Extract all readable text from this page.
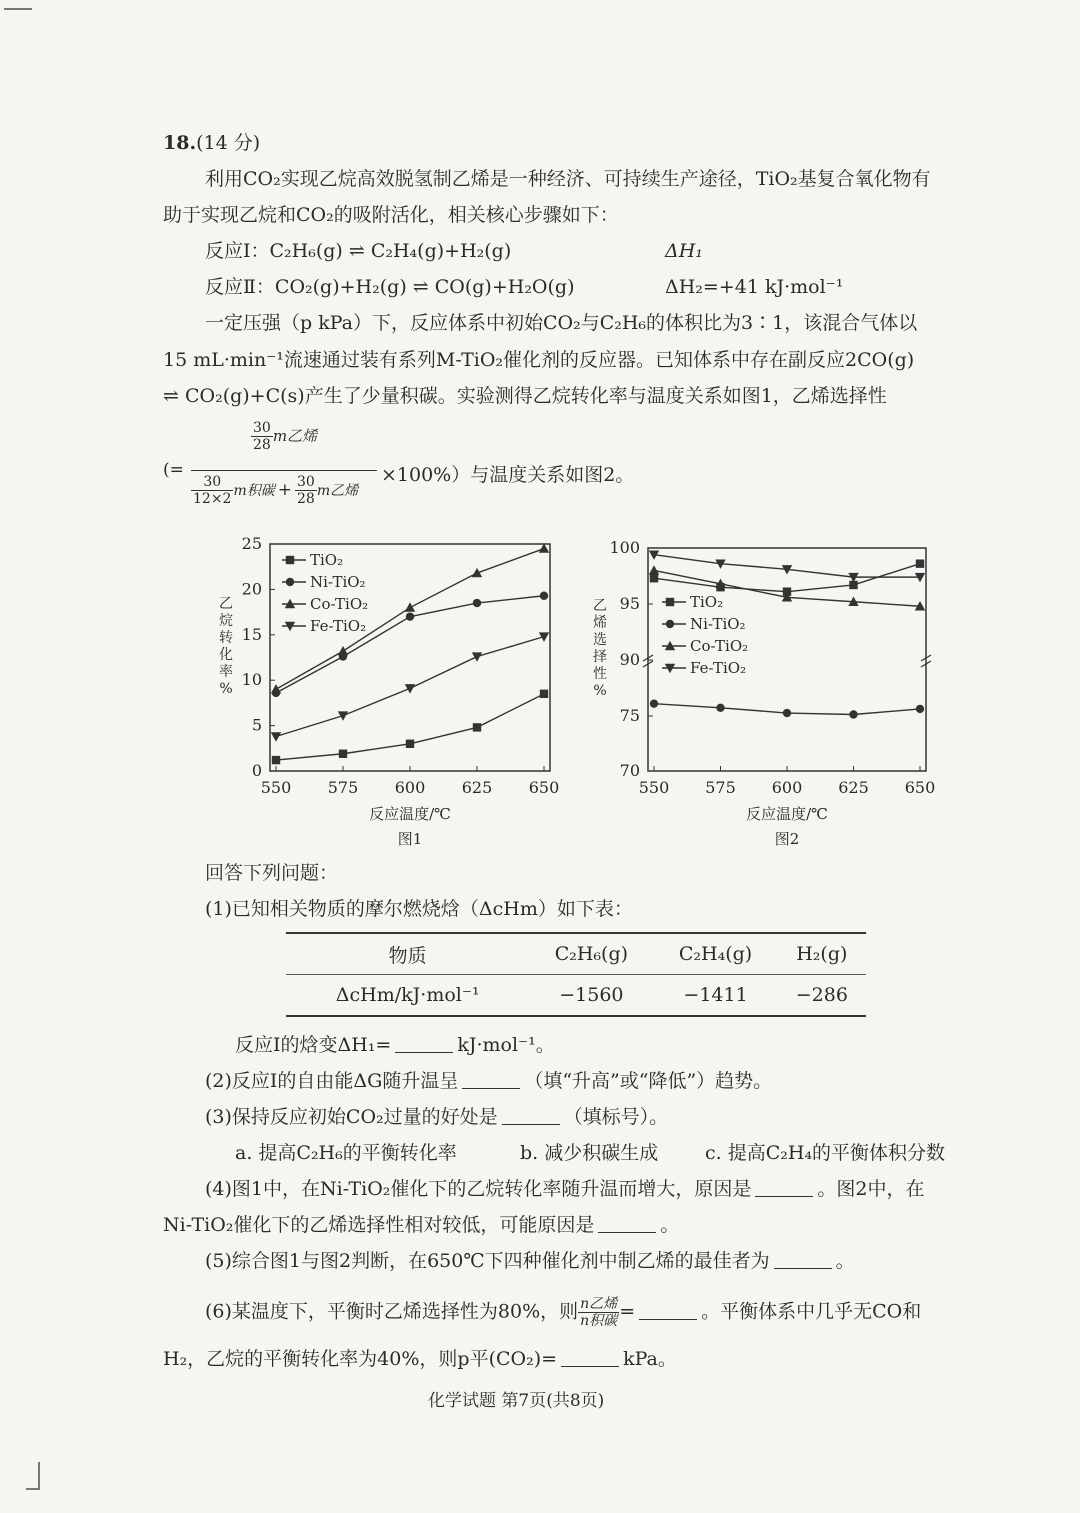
18.(14 分)
利用CO₂实现乙烷高效脱氢制乙烯是一种经济、可持续生产途径，TiO₂基复合氧化物有
助于实现乙烷和CO₂的吸附活化，相关核心步骤如下：
反应Ⅰ：C₂H₆(g) ⇌ C₂H₄(g)+H₂(g)	ΔH₁
反应Ⅱ：CO₂(g)+H₂(g) ⇌ CO(g)+H₂O(g)	ΔH₂=+41 kJ·mol⁻¹
一定压强（p kPa）下，反应体系中初始CO₂与C₂H₆的体积比为3∶1，该混合气体以
15 mL·min⁻¹流速通过装有系列M-TiO₂催化剂的反应器。已知体系中存在副反应2CO(g)
⇌ CO₂(g)+C(s)产生了少量积碳。实验测得乙烷转化率与温度关系如图1，乙烯选择性
(=
$\frac{30}{28}$ m乙烯
$\frac{30}{12\times 2}$ m积碳 + $\frac{30}{28}$ m乙烯
×100%）与温度关系如图2。
550 575 600 625 650
0
5
10
15
20
25
TiO₂
Ni-TiO₂
Co-TiO₂
Fe-TiO₂
乙
烷
转
化
率
%
反应温度/℃
图1
550 575 600 625 650
70
75
90
95
100
TiO₂
Ni-TiO₂
Co-TiO₂
Fe-TiO₂
乙
烯
选
择
性
%
反应温度/℃
图2
回答下列问题：
(1)已知相关物质的摩尔燃烧焓（ΔcHm）如下表：
物质	C₂H₆(g)	C₂H₄(g)	H₂(g)
ΔcHm/kJ·mol⁻¹	−1560	−1411	−286
反应Ⅰ的焓变ΔH₁=	kJ·mol⁻¹。
(2)反应Ⅰ的自由能ΔG随升温呈	（填“升高”或“降低”）趋势。
(3)保持反应初始CO₂过量的好处是	（填标号）。
a. 提高C₂H₆的平衡转化率	b. 减少积碳生成 c. 提高C₂H₄的平衡体积分数
(4)图1中，在Ni-TiO₂催化下的乙烷转化率随升温而增大，原因是	。图2中，在
Ni-TiO₂催化下的乙烯选择性相对较低，可能原因是	。
(5)综合图1与图2判断，在650℃下四种催化剂中制乙烯的最佳者为	。
(6)某温度下，平衡时乙烯选择性为80%，则 $\frac{\text{n乙烯}}{\text{n积碳}}$ =	。平衡体系中几乎无CO和
H₂，乙烷的平衡转化率为40%，则p平(CO₂)=	kPa。
化学试题 第7页(共8页)
